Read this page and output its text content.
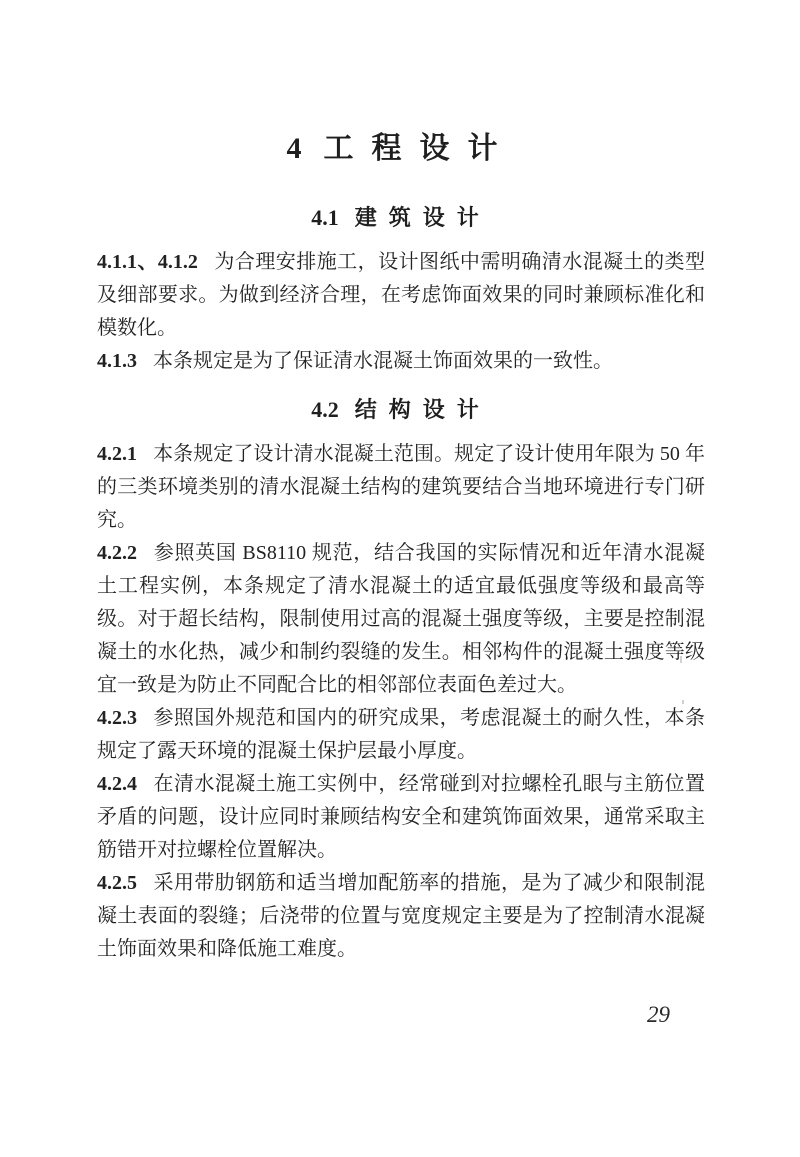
4 工程设计
4.1 建筑设计

4.1.1、4.1.2 为合理安排施工，设计图纸中需明确清水混凝土的类型及细部要求。为做到经济合理，在考虑饰面效果的同时兼顾标准化和模数化。

4.1.3 本条规定是为了保证清水混凝土饰面效果的一致性。

4.2 结构设计

4.2.1 本条规定了设计清水混凝土范围。规定了设计使用年限为 50 年的三类环境类别的清水混凝土结构的建筑要结合当地环境进行专门研究。

4.2.2 参照英国 BS8110 规范，结合我国的实际情况和近年清水混凝土工程实例，本条规定了清水混凝土的适宜最低强度等级和最高等级。对于超长结构，限制使用过高的混凝土强度等级，主要是控制混凝土的水化热，减少和制约裂缝的发生。相邻构件的混凝土强度等级宜一致是为防止不同配合比的相邻部位表面色差过大。

4.2.3 参照国外规范和国内的研究成果，考虑混凝土的耐久性，本条规定了露天环境的混凝土保护层最小厚度。

4.2.4 在清水混凝土施工实例中，经常碰到对拉螺栓孔眼与主筋位置矛盾的问题，设计应同时兼顾结构安全和建筑饰面效果，通常采取主筋错开对拉螺栓位置解决。

4.2.5 采用带肋钢筋和适当增加配筋率的措施，是为了减少和限制混凝土表面的裂缝；后浇带的位置与宽度规定主要是为了控制清水混凝土饰面效果和降低施工难度。

29
